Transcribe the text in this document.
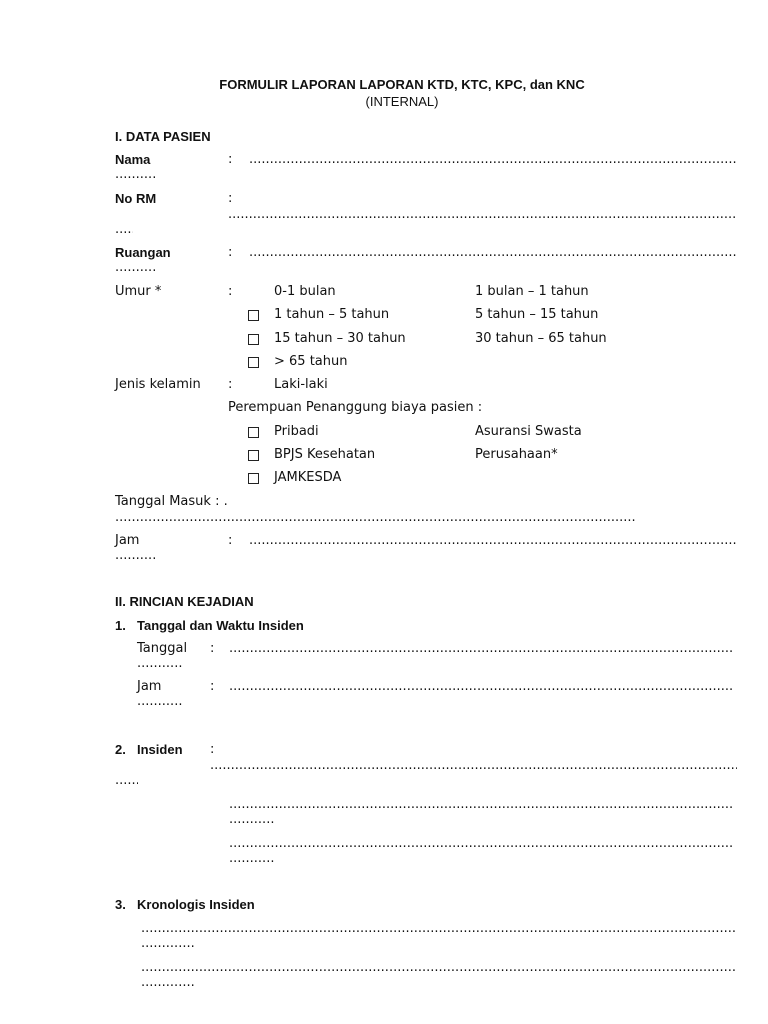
FORMULIR LAPORAN LAPORAN KTD, KTC, KPC, dan KNC
(INTERNAL)
I. DATA PASIEN
Nama	:
.....
.....
No RM	:
.....
.....
Ruangan	:
.....
.....
Umur *	:	0-1 bulan	1 bulan – 1 tahun
1 tahun – 5 tahun	5 tahun – 15 tahun
15 tahun – 30 tahun	30 tahun – 65 tahun
> 65 tahun
Jenis kelamin :	Laki-laki
Perempuan Penanggung biaya pasien :
Pribadi	Asuransi Swasta
BPJS Kesehatan	Perusahaan*
JAMKESDA
Tanggal Masuk : .
.....
Jam	:
.....
.....
II. RINCIAN KEJADIAN
1. Tanggal dan Waktu Insiden
Tanggal :
.....
.....
Jam	:
.....
.....
2. Insiden :
.....
.....
.....
.....
.....
.....
3. Kronologis Insiden
.....
.....
.....
.....
